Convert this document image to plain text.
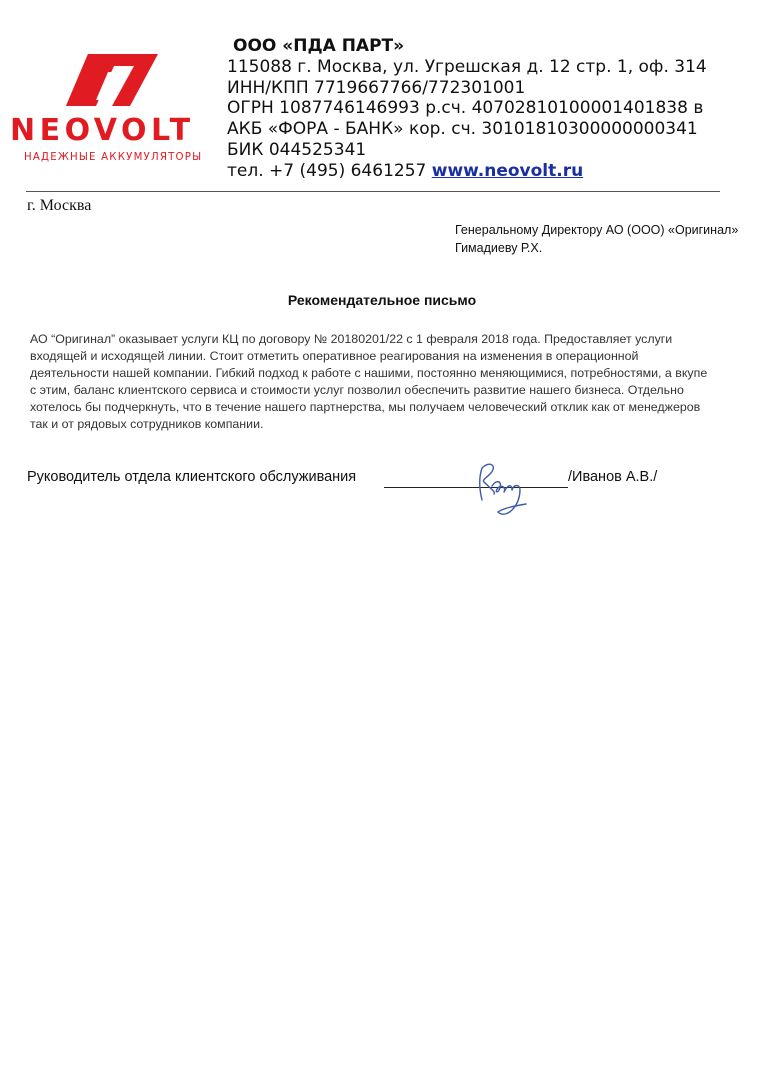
NEOVOLT
НАДЕЖНЫЕ АККУМУЛЯТОРЫ
ООО «ПДА ПАРТ»
115088 г. Москва, ул. Угрешская д. 12 стр. 1, оф. 314
ИНН/КПП 7719667766/772301001
ОГРН 1087746146993 р.сч. 40702810100001401838 в
АКБ «ФОРА - БАНК» кор. сч. 30101810300000000341
БИК 044525341
тел. +7 (495) 6461257 www.neovolt.ru
г. Москва
Генеральному Директору АО (ООО) «Оригинал»
Гимадиеву Р.Х.
Рекомендательное письмо

АО “Оригинал” оказывает услуги КЦ по договору № 20180201/22 с 1 февраля 2018 года. Предоставляет услуги

входящей и исходящей линии. Стоит отметить оперативное реагирования на изменения в операционной

деятельности нашей компании. Гибкий подход к работе с нашими, постоянно меняющимися, потребностями, а вкупе

с этим, баланс клиентского сервиса и стоимости услуг позволил обеспечить развитие нашего бизнеса. Отдельно

хотелось бы подчеркнуть, что в течение нашего партнерства, мы получаем человеческий отклик как от менеджеров

так и от рядовых сотрудников компании.

Руководитель отдела клиентского обслуживания	/Иванов А.В./
